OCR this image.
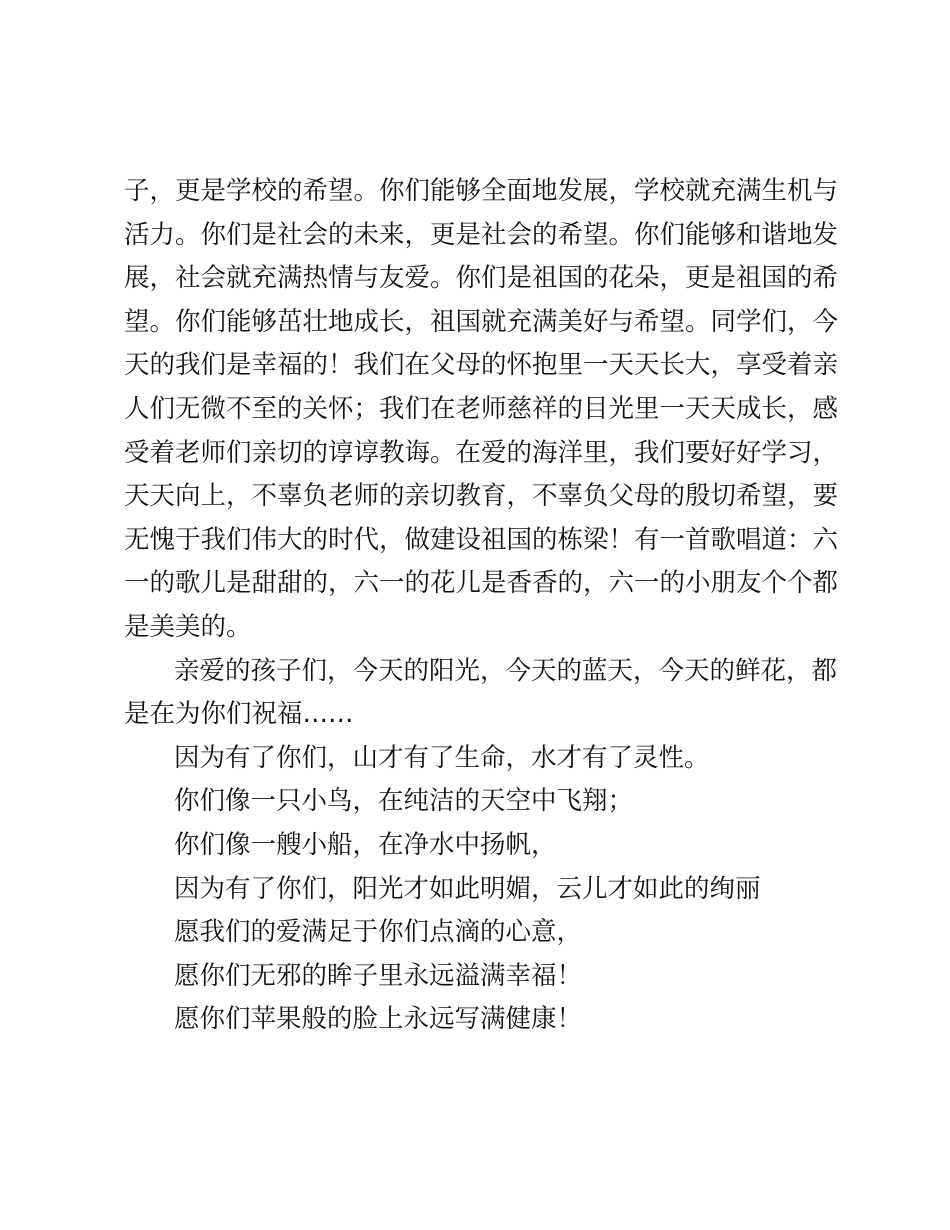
子，更是学校的希望。你们能够全面地发展，学校就充满生机与
活力。你们是社会的未来，更是社会的希望。你们能够和谐地发
展，社会就充满热情与友爱。你们是祖国的花朵，更是祖国的希
望。你们能够茁壮地成长，祖国就充满美好与希望。同学们，今
天的我们是幸福的！我们在父母的怀抱里一天天长大，享受着亲
人们无微不至的关怀；我们在老师慈祥的目光里一天天成长，感
受着老师们亲切的谆谆教诲。在爱的海洋里，我们要好好学习，
天天向上，不辜负老师的亲切教育，不辜负父母的殷切希望，要
无愧于我们伟大的时代，做建设祖国的栋梁！有一首歌唱道：六
一的歌儿是甜甜的，六一的花儿是香香的，六一的小朋友个个都
是美美的。
亲爱的孩子们，今天的阳光，今天的蓝天，今天的鲜花，都
是在为你们祝福……
因为有了你们，山才有了生命，水才有了灵性。
你们像一只小鸟，在纯洁的天空中飞翔；
你们像一艘小船，在净水中扬帆，
因为有了你们，阳光才如此明媚，云儿才如此的绚丽
愿我们的爱满足于你们点滴的心意，
愿你们无邪的眸子里永远溢满幸福！
愿你们苹果般的脸上永远写满健康！
